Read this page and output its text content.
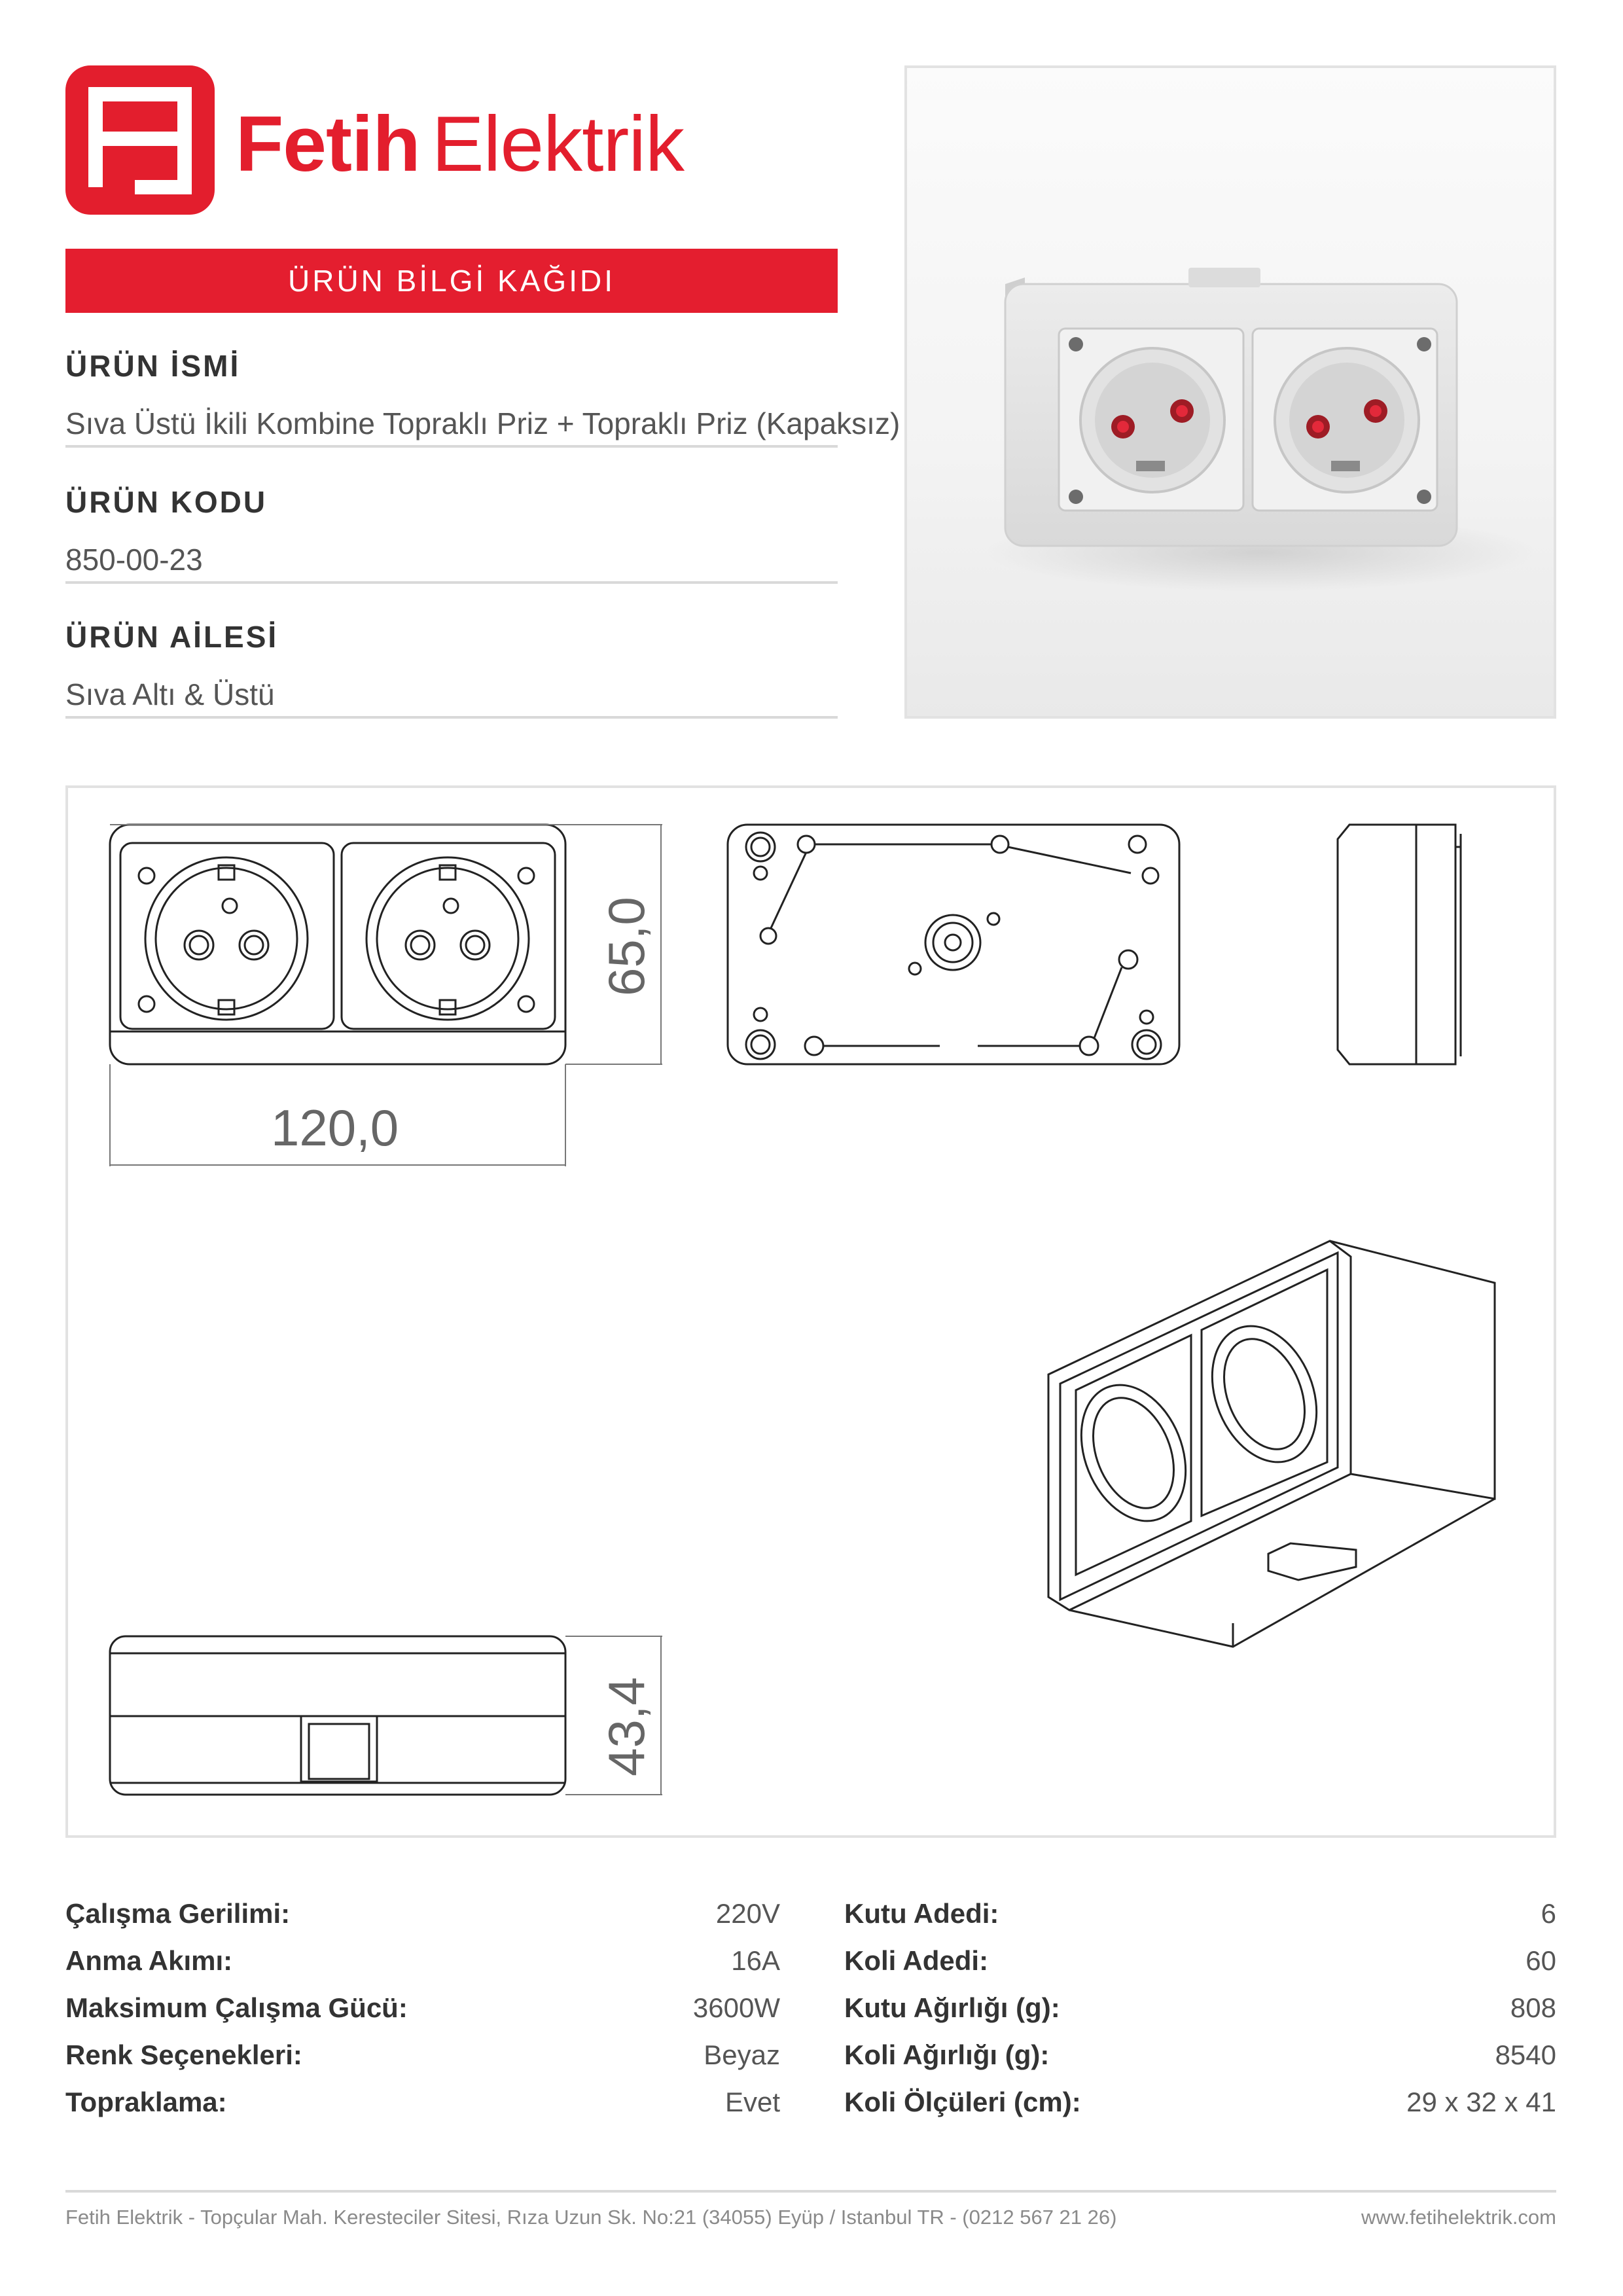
Fetih Elektrik
ÜRÜN BİLGİ KAĞIDI
ÜRÜN İSMİ
Sıva Üstü İkili Kombine Topraklı Priz + Topraklı Priz (Kapaksız)
ÜRÜN KODU
850-00-23
ÜRÜN AİLESİ
Sıva Altı & Üstü
120,0
65,0
43,4
Çalışma Gerilimi:	220V
Anma Akımı:	16A
Maksimum Çalışma Gücü:	3600W
Renk Seçenekleri:	Beyaz
Topraklama:	Evet
Kutu Adedi:	6
Koli Adedi:	60
Kutu Ağırlığı (g):	808
Koli Ağırlığı (g):	8540
Koli Ölçüleri (cm):	29 x 32 x 41
Fetih Elektrik - Topçular Mah. Kerestеciler Sitesi, Rıza Uzun Sk. No:21 (34055) Eyüp / Istanbul TR - (0212 567 21 26)	www.fetihelektrik.com
